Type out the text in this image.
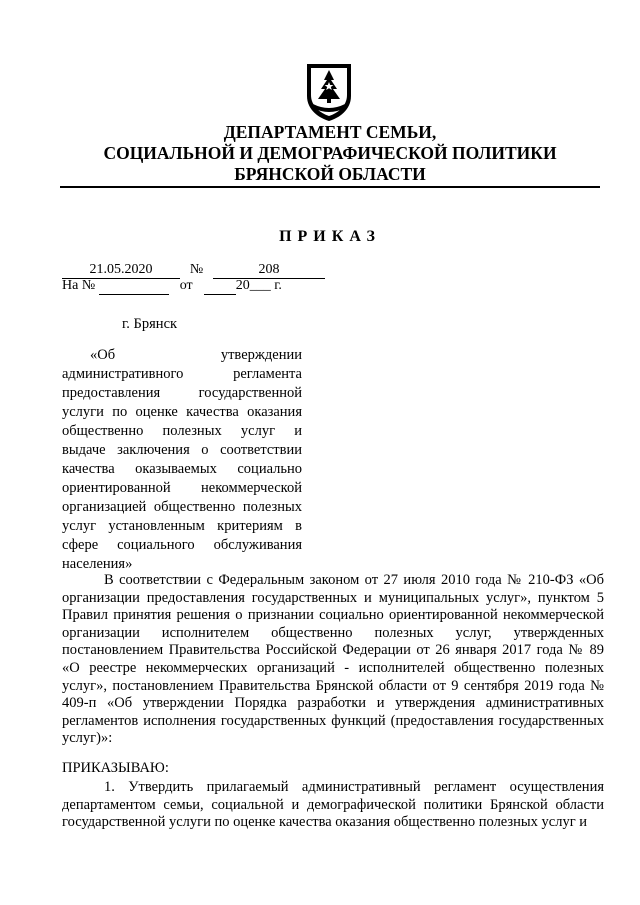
ДЕПАРТАМЕНТ СЕМЬИ,
СОЦИАЛЬНОЙ И ДЕМОГРАФИЧЕСКОЙ ПОЛИТИКИ
БРЯНСКОЙ ОБЛАСТИ
ПРИКАЗ
21.05.2020	№	208
На №	от	20___ г.
г. Брянск
«Об утверждении административного регламента предоставления государственной услуги по оценке качества оказания общественно полезных услуг и выдаче заключения о соответствии качества оказываемых социально ориентированной некоммерческой организацией общественно полезных услуг установленным критериям в сфере социального обслуживания населения»
В соответствии с Федеральным законом от 27 июля 2010 года № 210-ФЗ «Об организации предоставления государственных и муниципальных услуг», пунктом 5 Правил принятия решения о признании социально ориентированной некоммерческой организации исполнителем общественно полезных услуг, утвержденных постановлением Правительства Российской Федерации от 26 января 2017 года № 89 «О реестре некоммерческих организаций - исполнителей общественно полезных услуг», постановлением Правительства Брянской области от 9 сентября 2019 года № 409-п «Об утверждении Порядка разработки и утверждения административных регламентов исполнения государственных функций (предоставления государственных услуг)»:
ПРИКАЗЫВАЮ:
1. Утвердить прилагаемый административный регламент осуществления департаментом семьи, социальной и демографической политики Брянской области государственной услуги по оценке качества оказания общественно полезных услуг и
